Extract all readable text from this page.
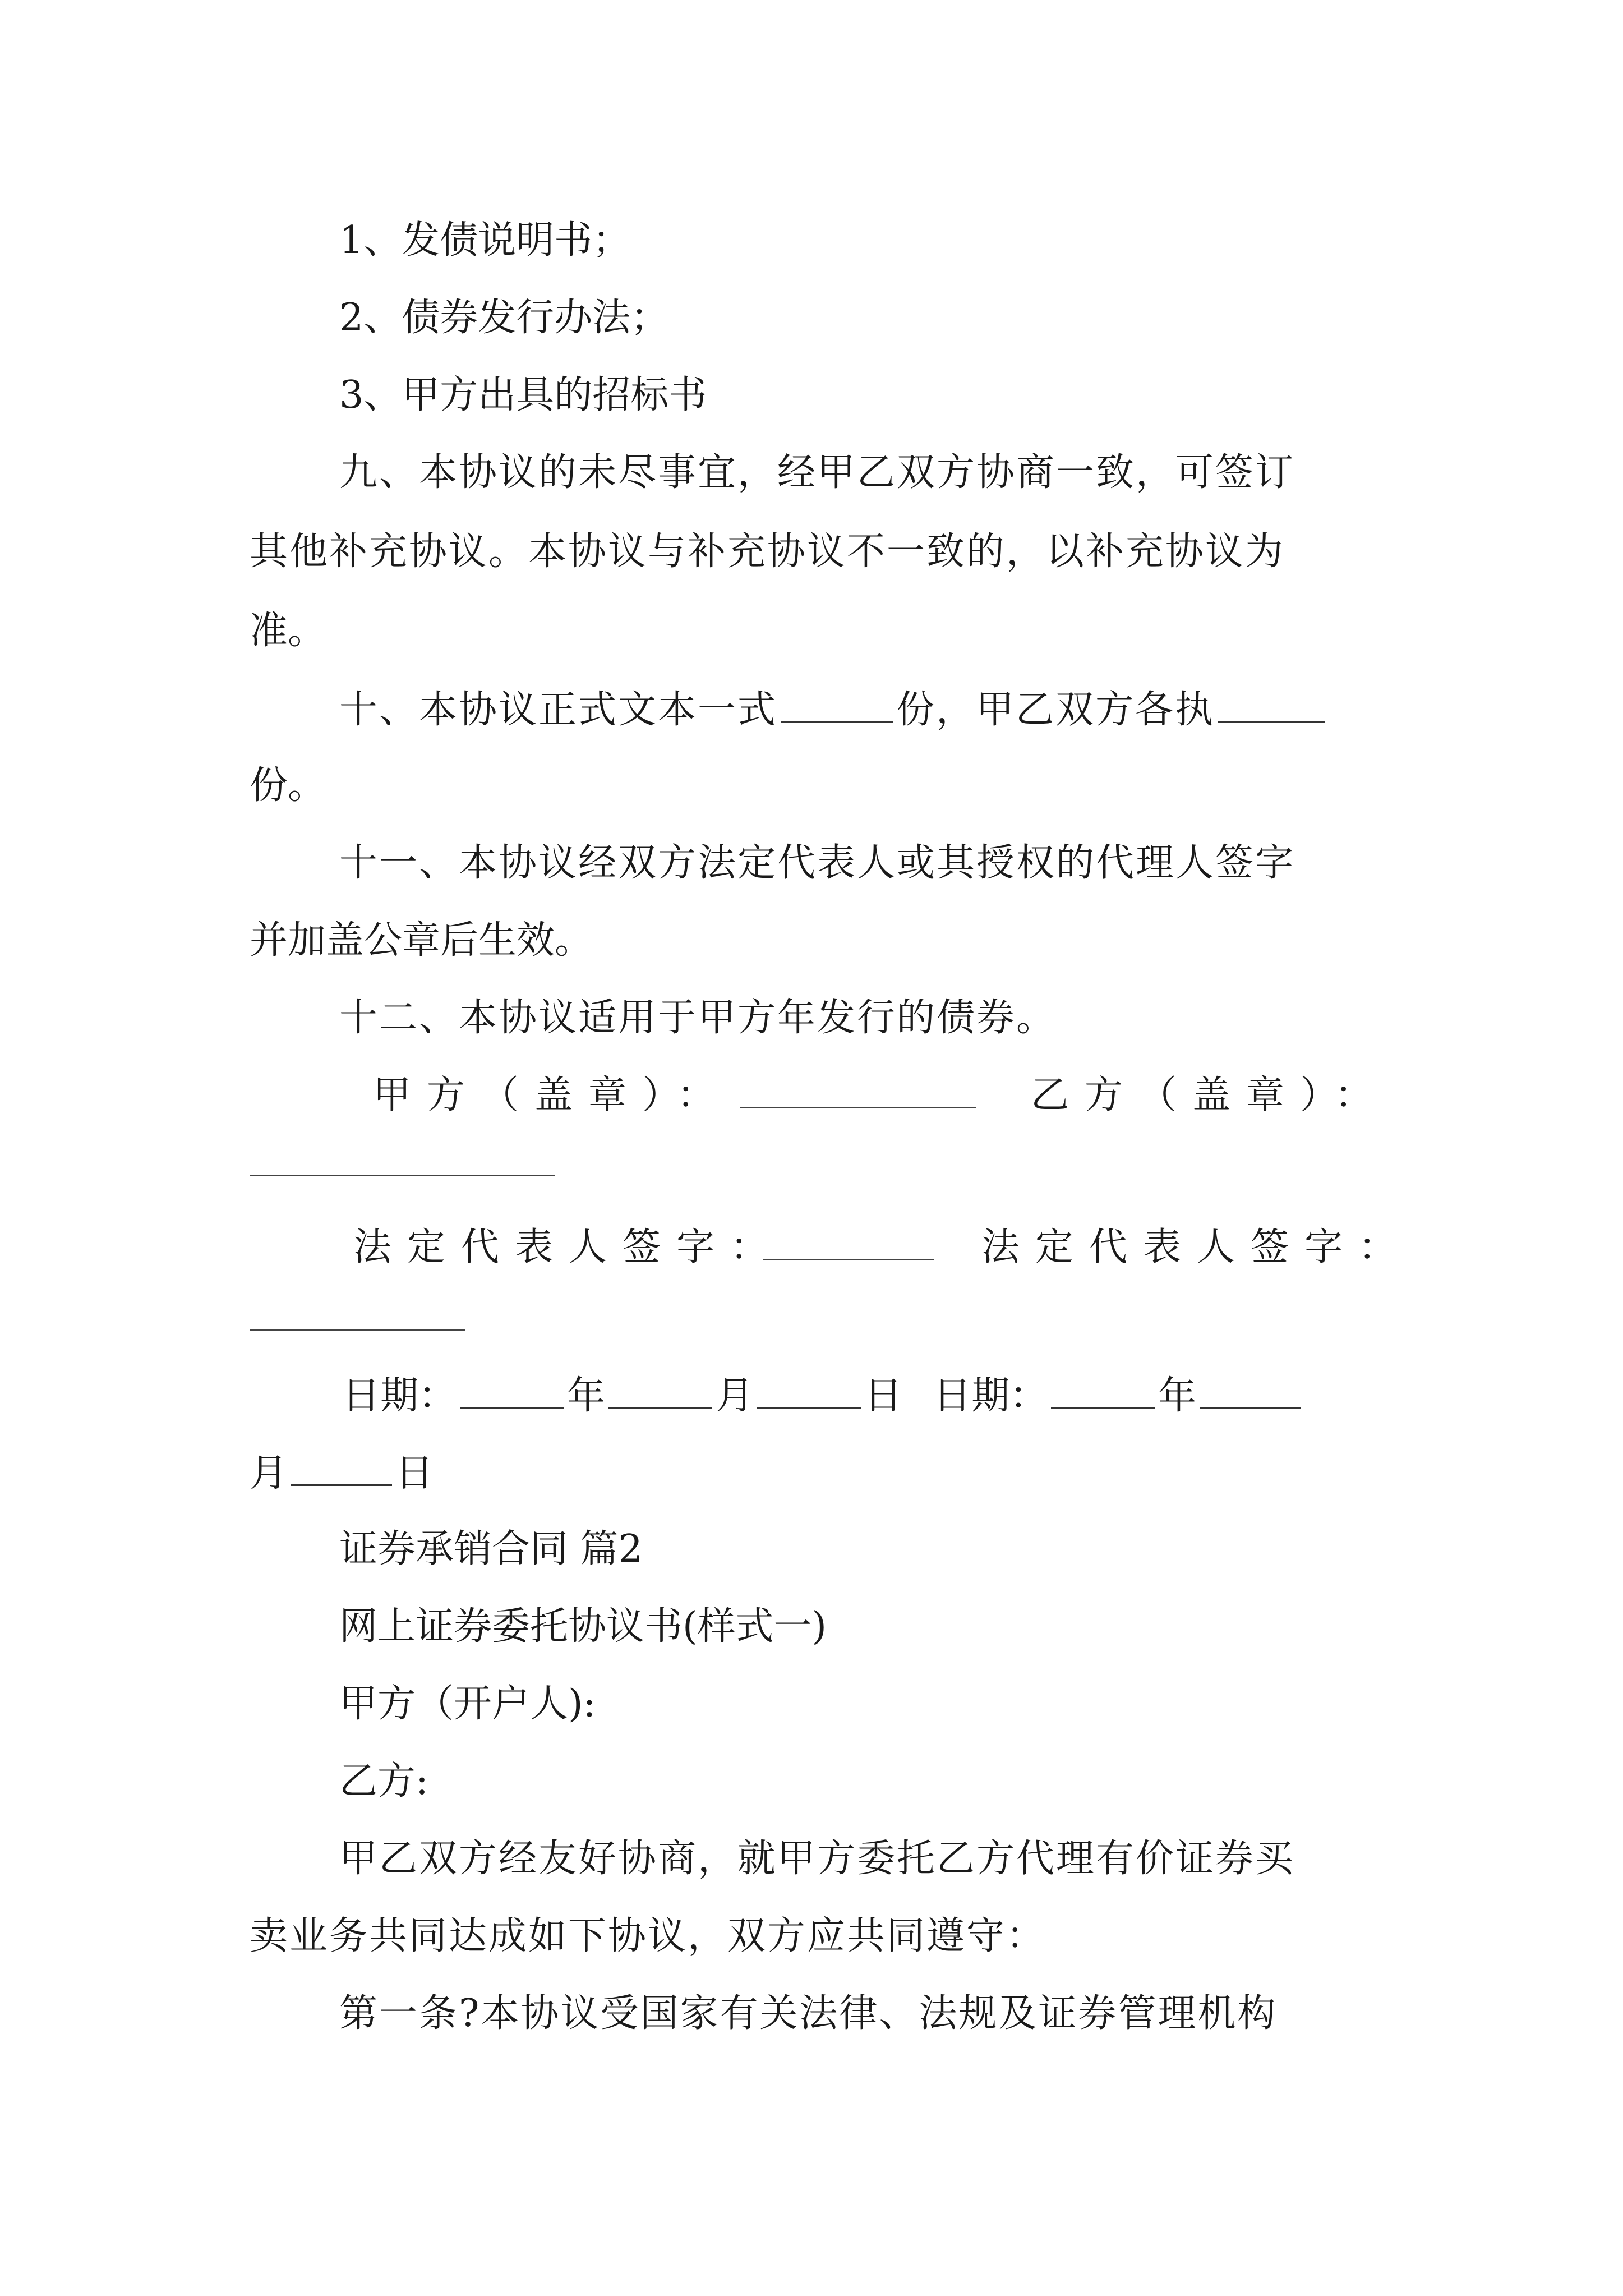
1、发债说明书；
2、债券发行办法；
3、甲方出具的招标书
九、本协议的未尽事宜，经甲乙双方协商一致，可签订
其他补充协议。本协议与补充协议不一致的，以补充协议为
准。
十、本协议正式文本一式	份，甲乙双方各执
份。
十一、本协议经双方法定代表人或其授权的代理人签字
并加盖公章后生效。
十二、本协议适用于甲方年发行的债券。
甲方（盖章）：	乙方（盖章）：
法定代表人签字：	法定代表人签字：
日期：	年	月	日 日期：	年
月	日
证券承销合同 篇2
网上证券委托协议书(样式一)
甲方（开户人):
乙方:
甲乙双方经友好协商，就甲方委托乙方代理有价证券买
卖业务共同达成如下协议，双方应共同遵守：
第一条?本协议受国家有关法律、法规及证券管理机构
